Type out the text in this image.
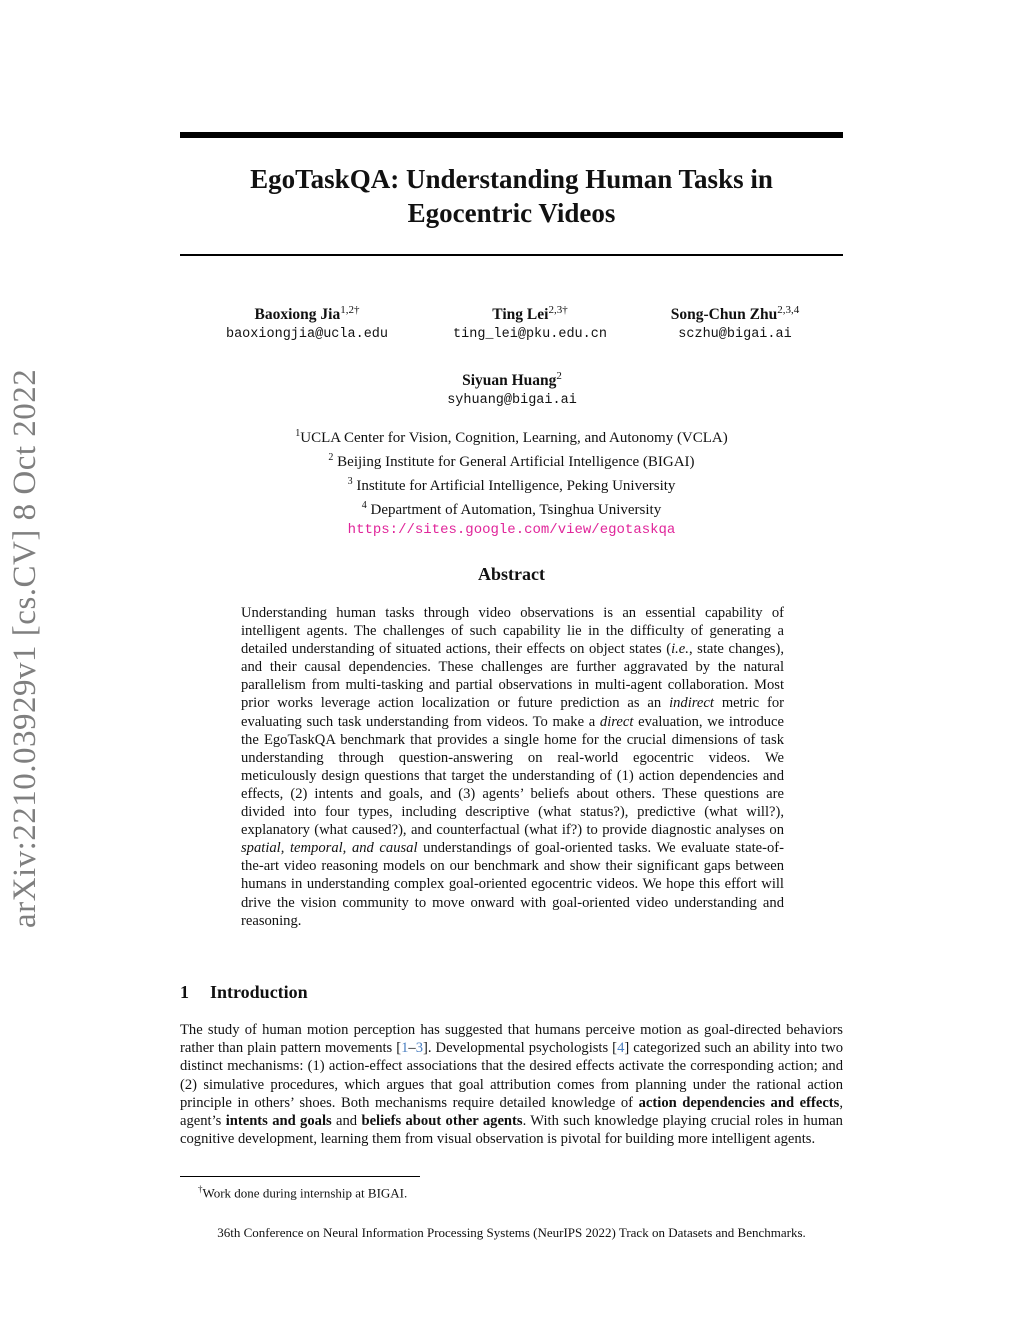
arXiv:2210.03929v1 [cs.CV] 8 Oct 2022
EgoTaskQA: Understanding Human Tasks in
Egocentric Videos
Baoxiong Jia$^{1,2\dagger}$
baoxiongjia@ucla.edu
Ting Lei$^{2,3\dagger}$
ting_lei@pku.edu.cn
Song-Chun Zhu$^{2,3,4}$
sczhu@bigai.ai
Siyuan Huang$^2$
syhuang@bigai.ai
$^1$UCLA Center for Vision, Cognition, Learning, and Autonomy (VCLA)
$^2$ Beijing Institute for General Artificial Intelligence (BIGAI)
$^3$ Institute for Artificial Intelligence, Peking University
$^4$ Department of Automation, Tsinghua University
https://sites.google.com/view/egotaskqa
Abstract
Understanding human tasks through video observations is an essential capability of intelligent agents. The challenges of such capability lie in the difficulty of generating a detailed understanding of situated actions, their effects on object states (i.e., state changes), and their causal dependencies. These challenges are further aggravated by the natural parallelism from multi-tasking and partial observations in multi-agent collaboration. Most prior works leverage action localization or future prediction as an indirect metric for evaluating such task understanding from videos. To make a direct evaluation, we introduce the EgoTaskQA benchmark that provides a single home for the crucial dimensions of task understanding through question-answering on real-world egocentric videos. We meticulously design questions that target the understanding of (1) action dependencies and effects, (2) intents and goals, and (3) agents’ beliefs about others. These questions are divided into four types, including descriptive (what status?), predictive (what will?), explanatory (what caused?), and counterfactual (what if?) to provide diagnostic analyses on spatial, temporal, and causal understandings of goal-oriented tasks. We evaluate state-of-the-art video reasoning models on our benchmark and show their significant gaps between humans in understanding complex goal-oriented egocentric videos. We hope this effort will drive the vision community to move onward with goal-oriented video understanding and reasoning.
1 Introduction
The study of human motion perception has suggested that humans perceive motion as goal-directed behaviors rather than plain pattern movements [1–3]. Developmental psychologists [4] categorized such an ability into two distinct mechanisms: (1) action-effect associations that the desired effects activate the corresponding action; and (2) simulative procedures, which argues that goal attribution comes from planning under the rational action principle in others’ shoes. Both mechanisms require detailed knowledge of action dependencies and effects, agent’s intents and goals and beliefs about other agents. With such knowledge playing crucial roles in human cognitive development, learning them from visual observation is pivotal for building more intelligent agents.
†Work done during internship at BIGAI.
36th Conference on Neural Information Processing Systems (NeurIPS 2022) Track on Datasets and Benchmarks.
